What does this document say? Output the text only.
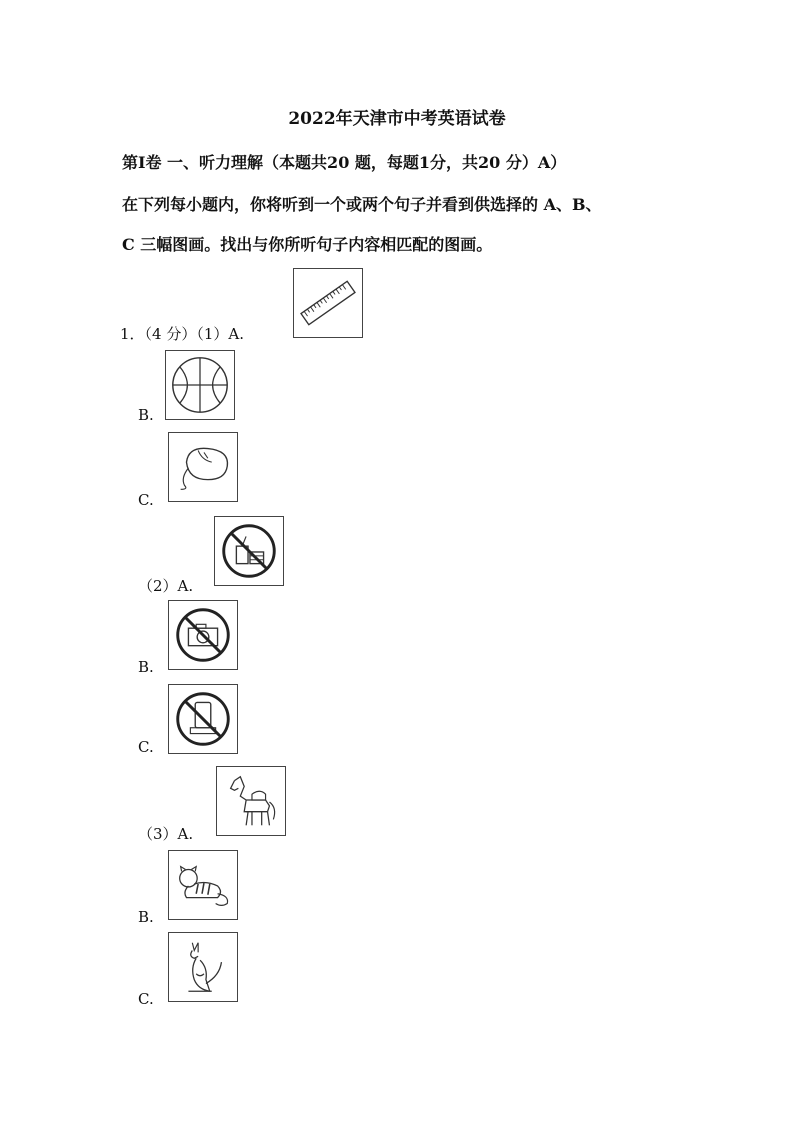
2022年天津市中考英语试卷
第Ⅰ卷 一、听力理解（本题共20 题，每题1分，共20 分）A）
在下列每小题内，你将听到一个或两个句子并看到供选择的 A、B、
C 三幅图画。找出与你所听句子内容相匹配的图画。
1．（4 分）（1）A.
B.
C.
（2）A.
B.
C.
（3）A.
B.
C.
